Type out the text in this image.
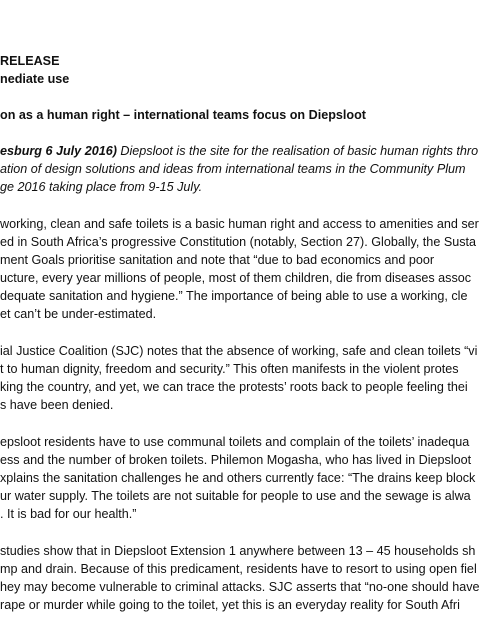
RELEASE
nediate use
on as a human right – international teams focus on Diepsloot
esburg 6 July 2016) Diepsloot is the site for the realisation of basic human rights thro
ation of design solutions and ideas from international teams in the Community Plum
ge 2016 taking place from 9-15 July.
working, clean and safe toilets is a basic human right and access to amenities and ser
ed in South Africa’s progressive Constitution (notably, Section 27). Globally, the Susta
ment Goals prioritise sanitation and note that “due to bad economics and poor
ucture, every year millions of people, most of them children, die from diseases assoc
dequate sanitation and hygiene.” The importance of being able to use a working, cle
et can’t be under-estimated.
ial Justice Coalition (SJC) notes that the absence of working, safe and clean toilets “vi
t to human dignity, freedom and security.” This often manifests in the violent protes
king the country, and yet, we can trace the protests’ roots back to people feeling thei
s have been denied.
epsloot residents have to use communal toilets and complain of the toilets’ inadequa
ess and the number of broken toilets. Philemon Mogasha, who has lived in Diepsloot
xplains the sanitation challenges he and others currently face: “The drains keep block
ur water supply. The toilets are not suitable for people to use and the sewage is alwa
. It is bad for our health.”
studies show that in Diepsloot Extension 1 anywhere between 13 – 45 households sh
mp and drain. Because of this predicament, residents have to resort to using open fiel
hey may become vulnerable to criminal attacks. SJC asserts that “no-one should have
rape or murder while going to the toilet, yet this is an everyday reality for South Afri
